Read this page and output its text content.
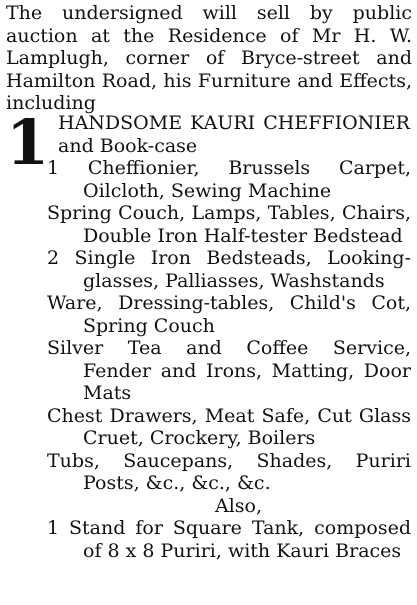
The undersigned will sell by public auction at the Residence of Mr H. W. Lamplugh, corner of Bryce-street and Hamilton Road, his Furniture and Effects, including
1 HANDSOME KAURI CHEFFIONIER and Book-case
1 Cheffionier, Brussels Carpet, Oilcloth, Sewing Machine
Spring Couch, Lamps, Tables, Chairs, Double Iron Half-tester Bedstead
2 Single Iron Bedsteads, Looking-glasses, Palliasses, Washstands
Ware, Dressing-tables, Child's Cot, Spring Couch
Silver Tea and Coffee Service, Fender and Irons, Matting, Door Mats
Chest Drawers, Meat Safe, Cut Glass Cruet, Crockery, Boilers
Tubs, Saucepans, Shades, Puriri Posts, &c., &c., &c.
Also,
1 Stand for Square Tank, composed of 8 x 8 Puriri, with Kauri Braces
